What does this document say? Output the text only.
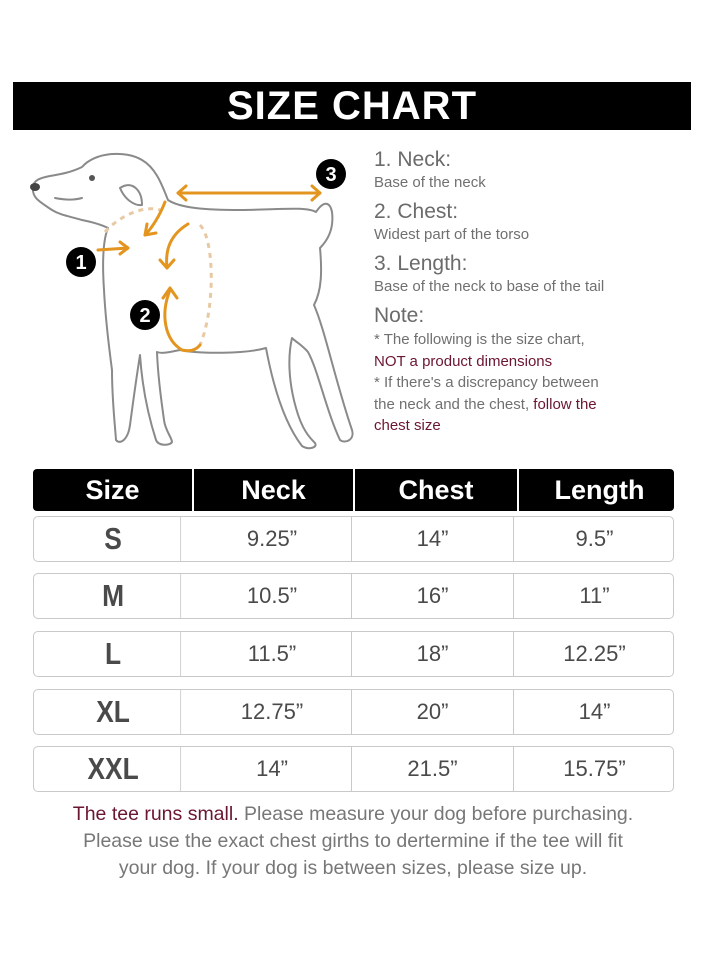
SIZE CHART
1
2
3
1. Neck:
Base of the neck
2. Chest:
Widest part of the torso
3. Length:
Base of the neck to base of the tail
Note:
* The following is the size chart,
NOT a product dimensions
* If there's a discrepancy between
the neck and the chest, follow the
chest size
Size	Neck	Chest	Length
S	9.25”	14”	9.5”
M	10.5”	16”	11”
L	11.5”	18”	12.25”
XL	12.75”	20”	14”
XXL	14”	21.5”	15.75”
The tee runs small. Please measure your dog before purchasing.
Please use the exact chest girths to dertermine if the tee will fit
your dog. If your dog is between sizes, please size up.
